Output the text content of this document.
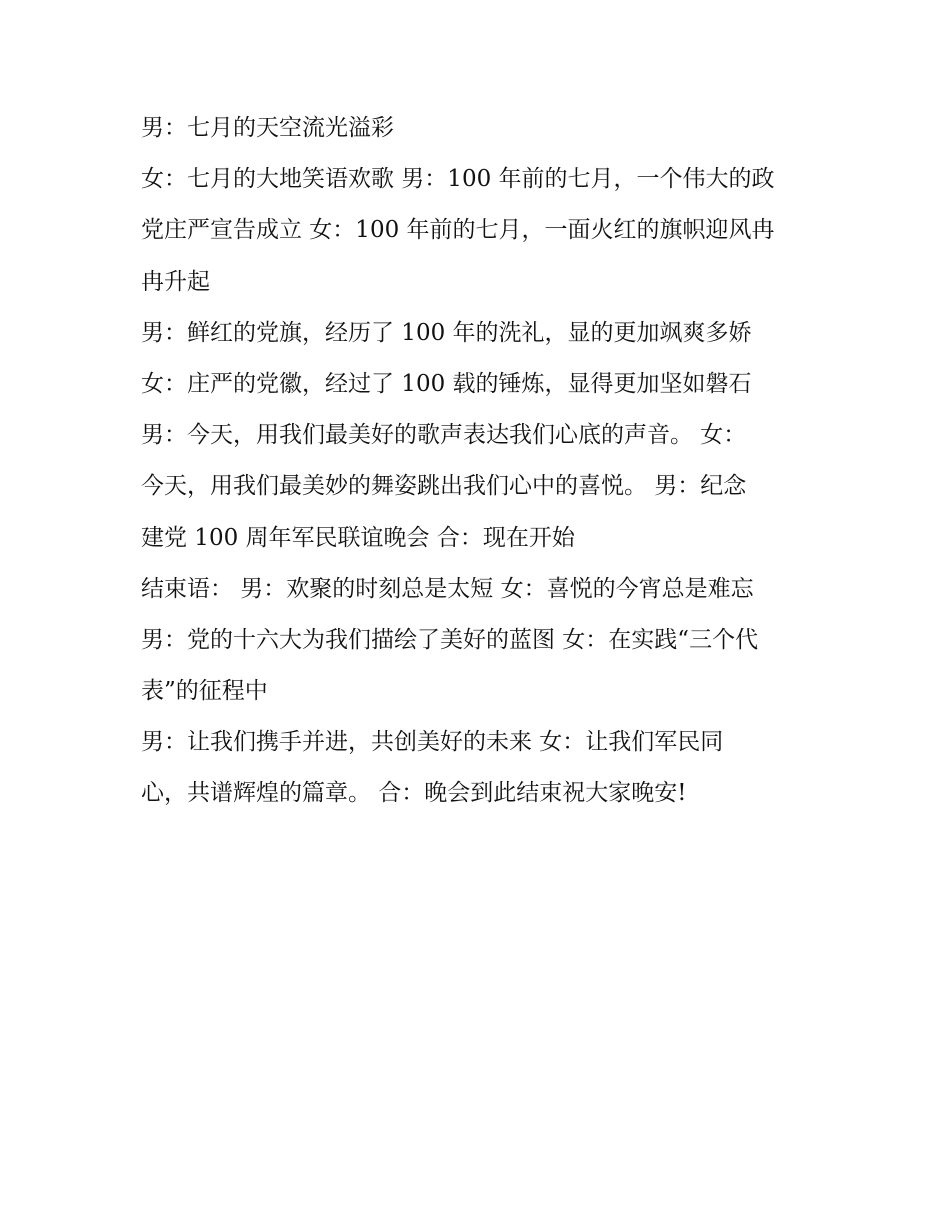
男：七月的天空流光溢彩
女：七月的大地笑语欢歌 男：100 年前的七月，一个伟大的政
党庄严宣告成立 女：100 年前的七月，一面火红的旗帜迎风冉
冉升起
男：鲜红的党旗，经历了 100 年的洗礼，显的更加飒爽多娇
女：庄严的党徽，经过了 100 载的锤炼，显得更加坚如磐石
男：今天，用我们最美好的歌声表达我们心底的声音。 女：
今天，用我们最美妙的舞姿跳出我们心中的喜悦。 男：纪念
建党 100 周年军民联谊晚会 合：现在开始
结束语： 男：欢聚的时刻总是太短 女：喜悦的今宵总是难忘
男：党的十六大为我们描绘了美好的蓝图 女：在实践“三个代
表”的征程中
男：让我们携手并进，共创美好的未来 女：让我们军民同
心，共谱辉煌的篇章。 合：晚会到此结束祝大家晚安!
